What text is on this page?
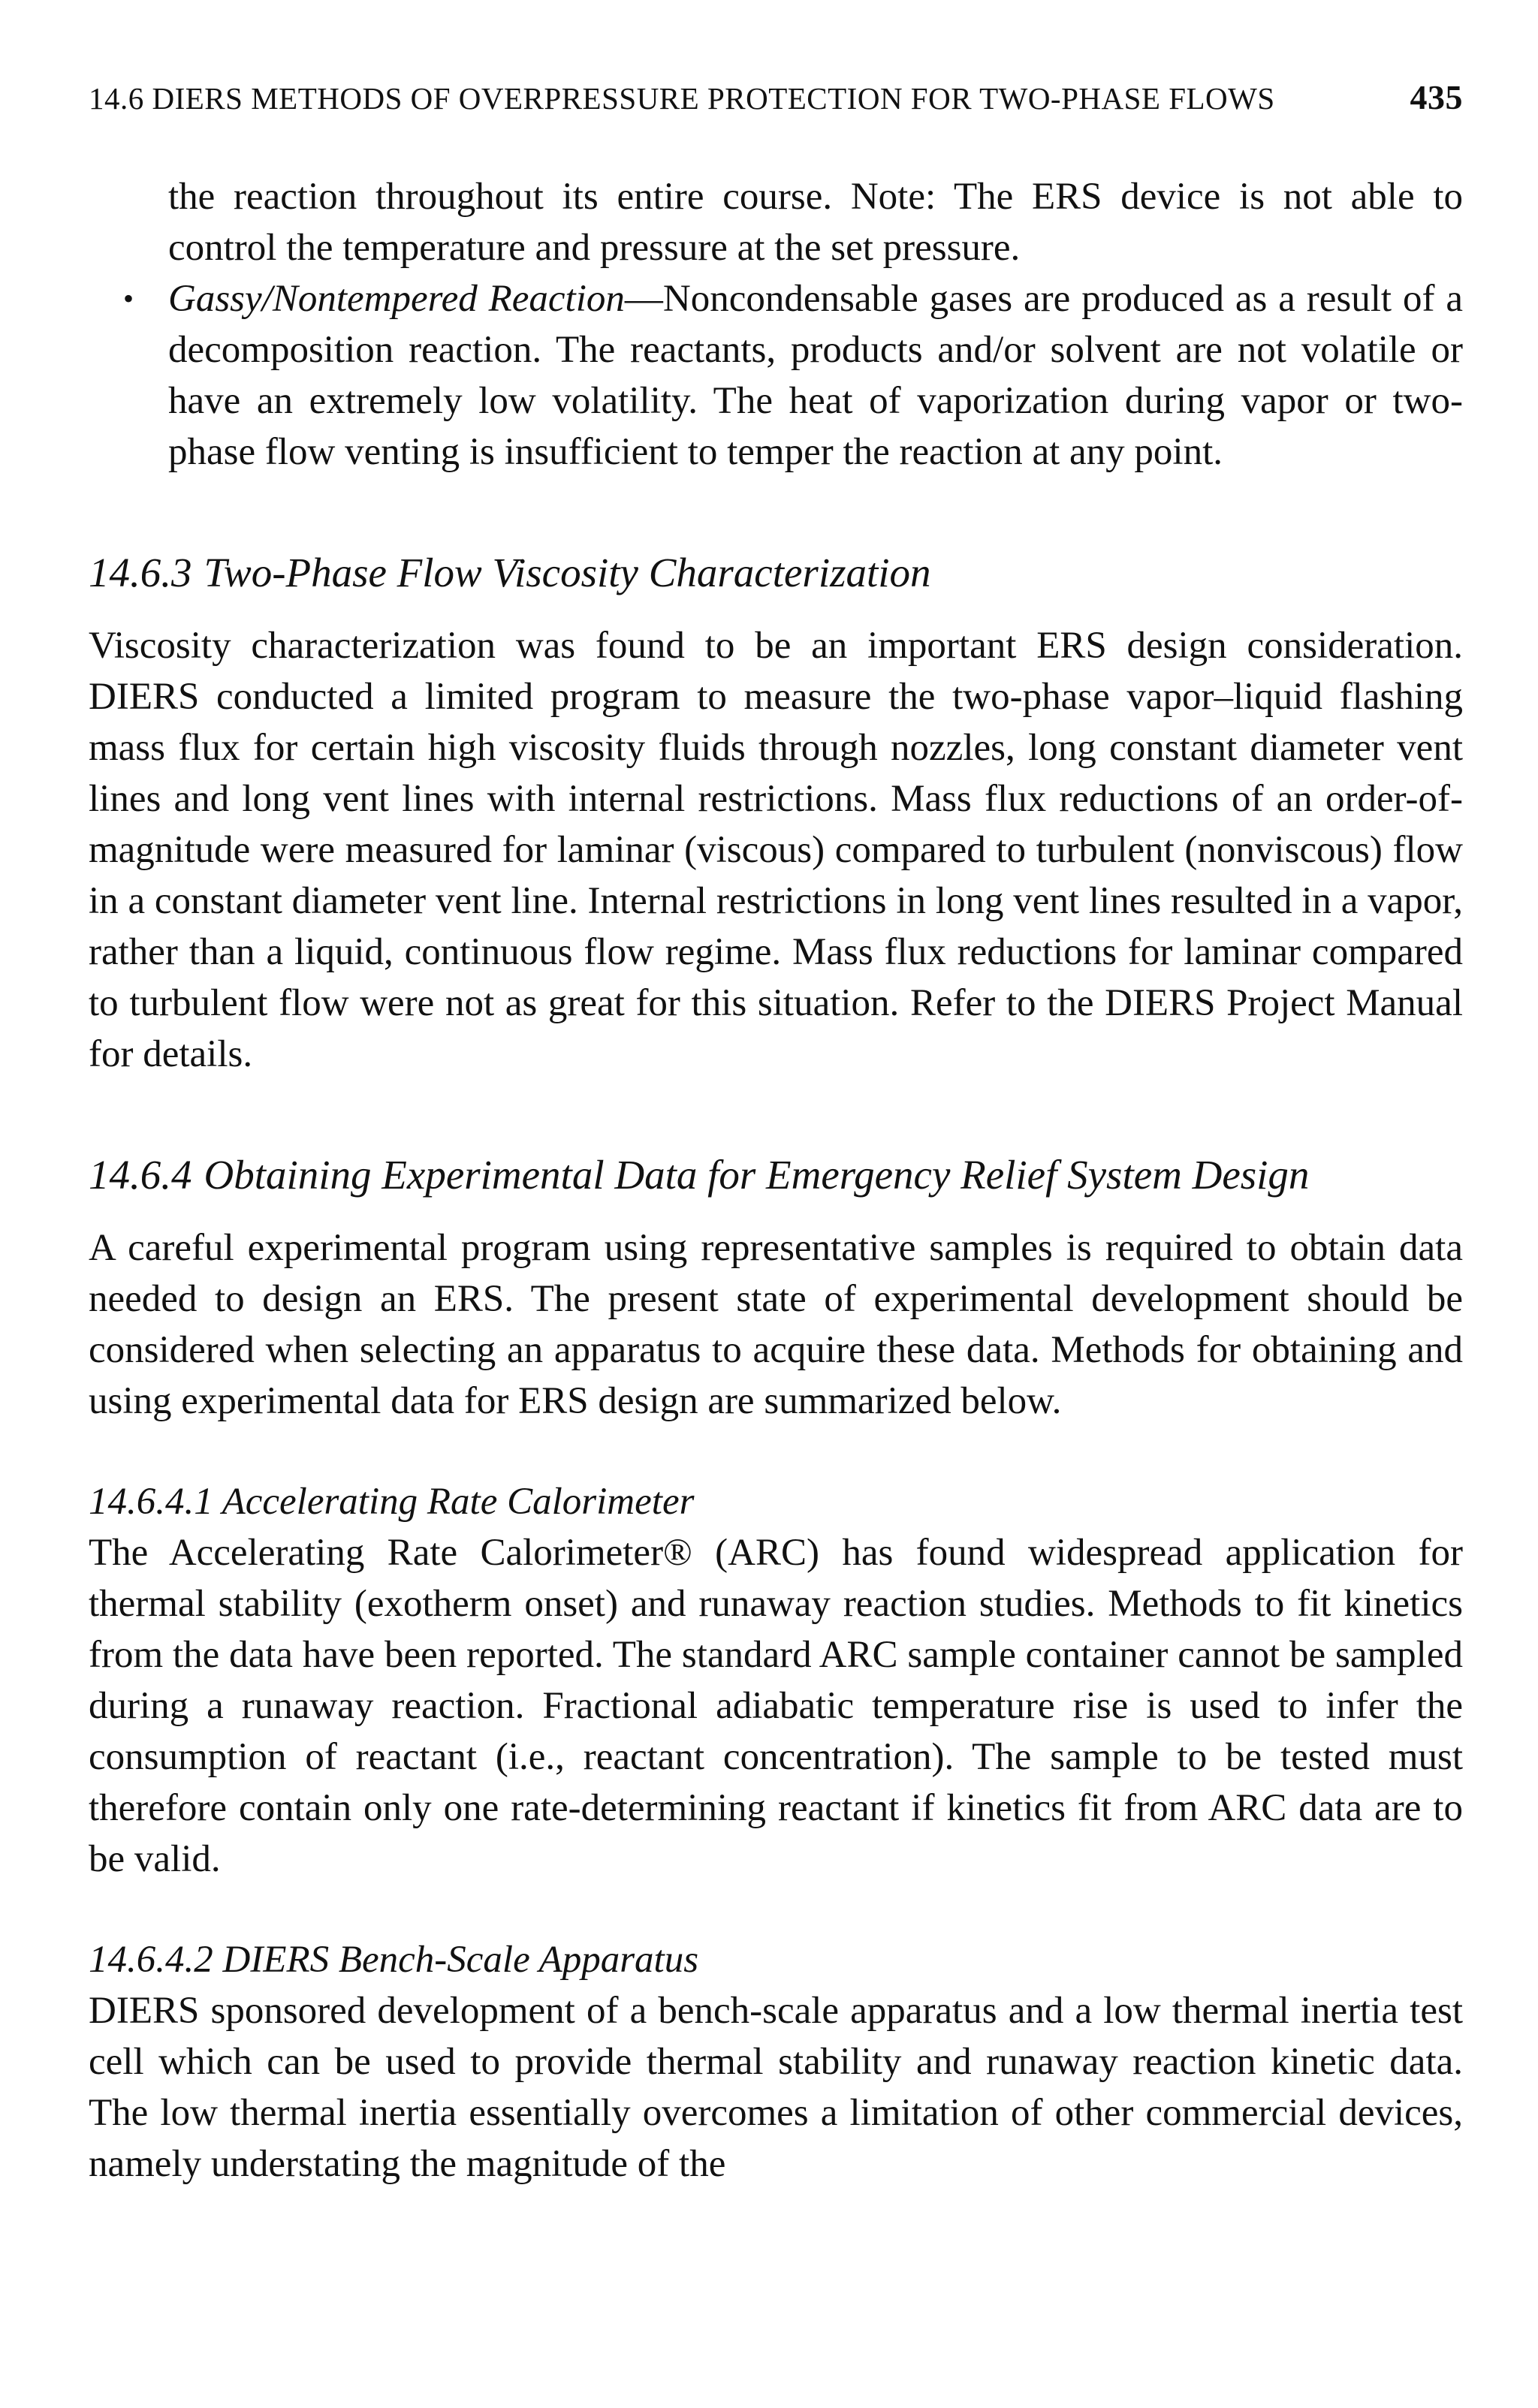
14.6 DIERS METHODS OF OVERPRESSURE PROTECTION FOR TWO-PHASE FLOWS	435

the reaction throughout its entire course. Note: The ERS device is not able to control the temperature and pressure at the set pressure.

• Gassy/Nontempered Reaction—Noncondensable gases are produced as a result of a decomposition reaction. The reactants, products and/or solvent are not volatile or have an extremely low volatility. The heat of vaporization during vapor or two-phase flow venting is insufficient to temper the reaction at any point.

14.6.3 Two-Phase Flow Viscosity Characterization

Viscosity characterization was found to be an important ERS design consideration. DIERS conducted a limited program to measure the two-phase vapor–liquid flashing mass flux for certain high viscosity fluids through nozzles, long constant diameter vent lines and long vent lines with internal restrictions. Mass flux reductions of an order-of-magnitude were measured for laminar (viscous) compared to turbulent (nonviscous) flow in a constant diameter vent line. Internal restrictions in long vent lines resulted in a vapor, rather than a liquid, continuous flow regime. Mass flux reductions for laminar compared to turbulent flow were not as great for this situation. Refer to the DIERS Project Manual for details.

14.6.4 Obtaining Experimental Data for Emergency Relief System Design

A careful experimental program using representative samples is required to obtain data needed to design an ERS. The present state of experimental development should be considered when selecting an apparatus to acquire these data. Methods for obtaining and using experimental data for ERS design are summarized below.

14.6.4.1 Accelerating Rate Calorimeter

The Accelerating Rate Calorimeter® (ARC) has found widespread application for thermal stability (exotherm onset) and runaway reaction studies. Methods to fit kinetics from the data have been reported. The standard ARC sample container cannot be sampled during a runaway reaction. Fractional adiabatic temperature rise is used to infer the consumption of reactant (i.e., reactant concentration). The sample to be tested must therefore contain only one rate-determining reactant if kinetics fit from ARC data are to be valid.

14.6.4.2 DIERS Bench-Scale Apparatus

DIERS sponsored development of a bench-scale apparatus and a low thermal inertia test cell which can be used to provide thermal stability and runaway reaction kinetic data. The low thermal inertia essentially overcomes a limitation of other commercial devices, namely understating the magnitude of the
